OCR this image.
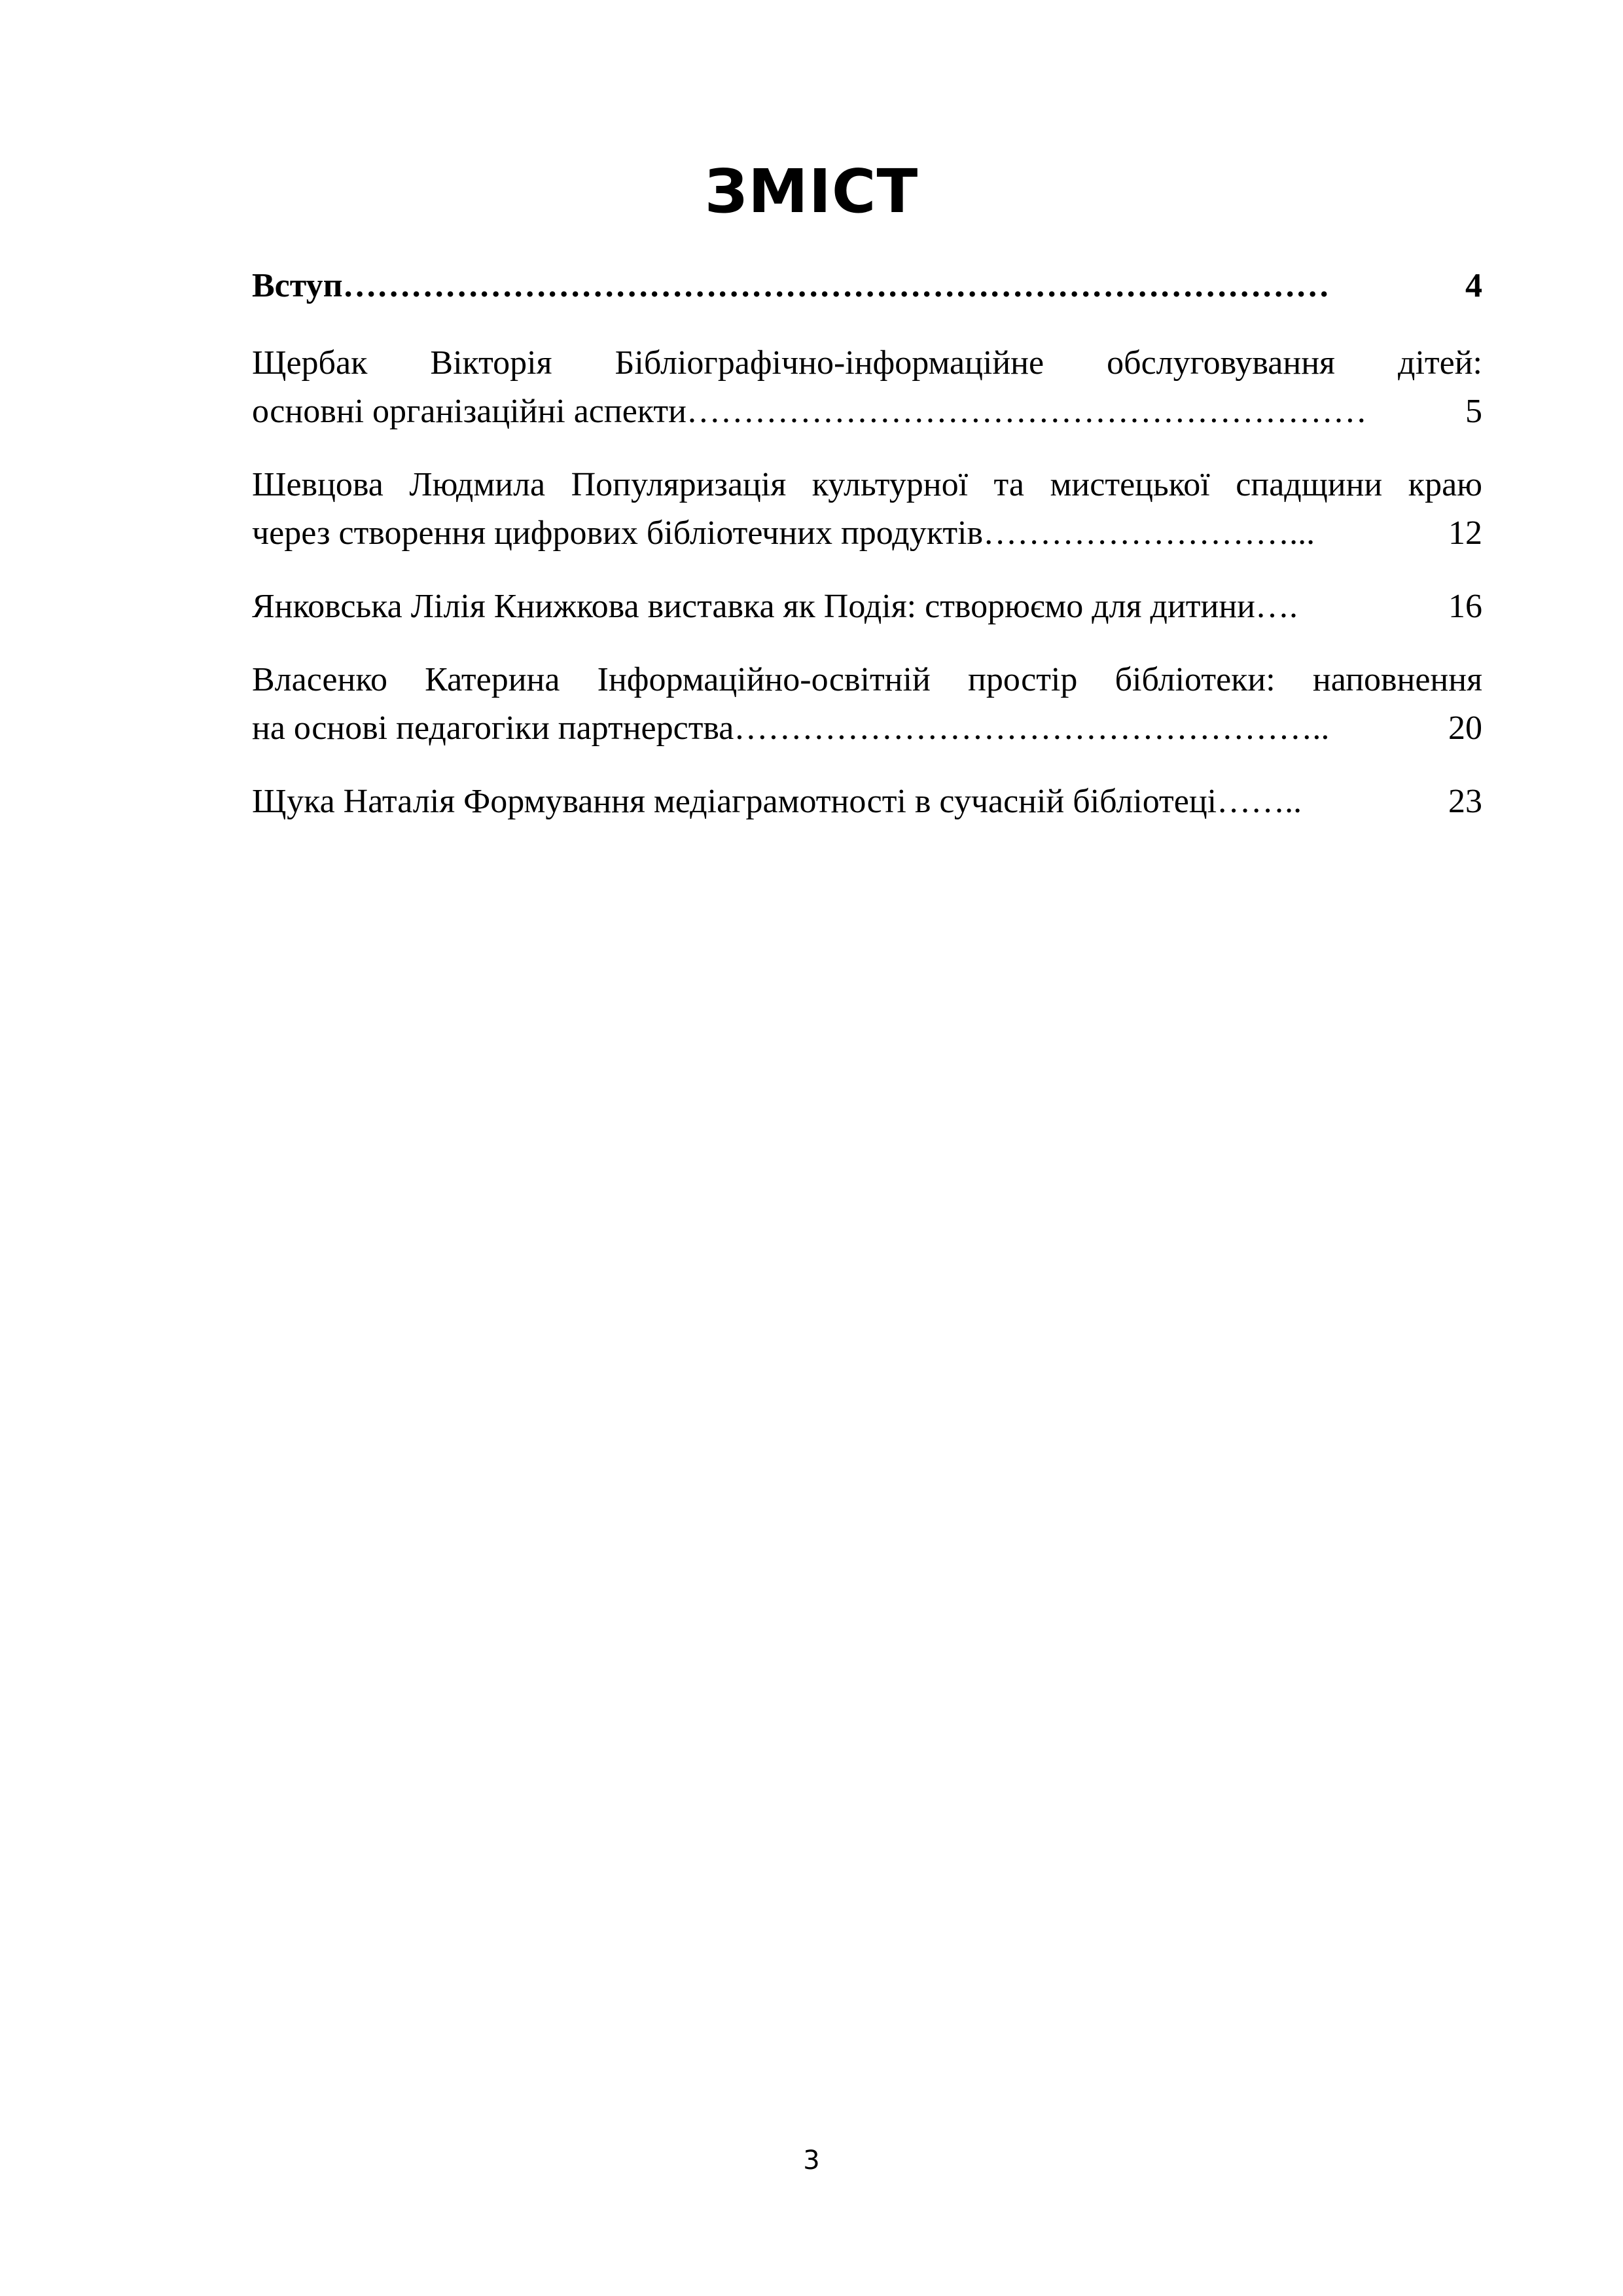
ЗМІСТ
Вступ ……………………………………………………………………………	4
Щербак Вікторія Бібліографічно-інформаційне обслуговування дітей:
основні організаційні аспекти ……………………………………………………	5
Шевцова Людмила Популяризація культурної та мистецької спадщини краю
через створення цифрових бібліотечних продуктів ………………………...	12
Янковська Лілія Книжкова виставка як Подія: створюємо для дитини ….	16
Власенко Катерина Інформаційно-освітній простір бібліотеки: наповнення
на основі педагогіки партнерства ……………………………………………..	20
Щука Наталія Формування медіаграмотності в сучасній бібліотеці ……..	23
3
